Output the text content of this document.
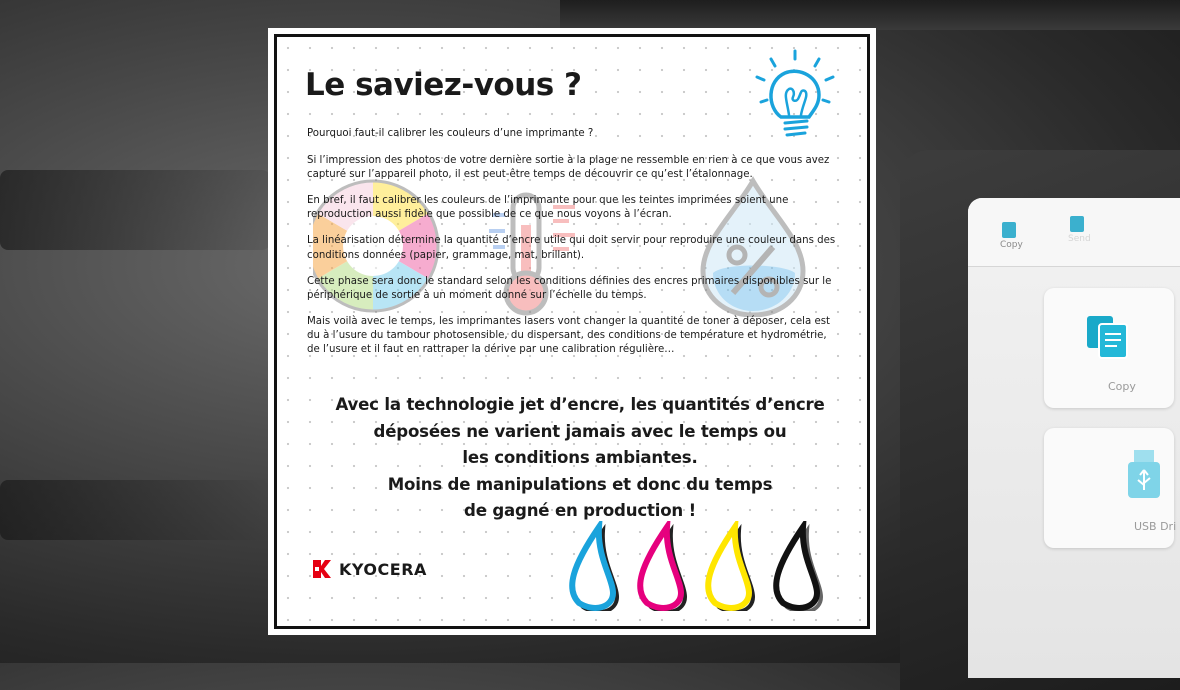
Copy
Send
Copy
USB Dri
Le saviez-vous ?

Pourquoi faut-il calibrer les couleurs d’une imprimante ?

Si l’impression des photos de votre dernière sortie à la plage ne ressemble en rien à ce que vous avez capturé sur l’appareil photo, il est peut-être temps de découvrir ce qu’est l’étalonnage.

En bref, il faut calibrer les couleurs de l’imprimante pour que les teintes imprimées soient une reproduction aussi fidèle que possible de ce que nous voyons à l’écran.

La linéarisation détermine la quantité d’encre utile qui doit servir pour reproduire une couleur dans des conditions données (papier, grammage, mat, brillant).

Cette phase sera donc le standard selon les conditions définies des encres primaires disponibles sur le périphérique de sortie à un moment donné sur l’échelle du temps.

Mais voilà avec le temps, les imprimantes lasers vont changer la quantité de toner à déposer, cela est du à l’usure du tambour photosensible, du dispersant, des conditions de température et hydrométrie, de l’usure et il faut en rattraper la dérive par une calibration régulière…

Avec la technologie jet d’encre, les quantités d’encre
déposées ne varient jamais avec le temps ou
les conditions ambiantes.
Moins de manipulations et donc du temps
de gagné en production !
KYOCERA
